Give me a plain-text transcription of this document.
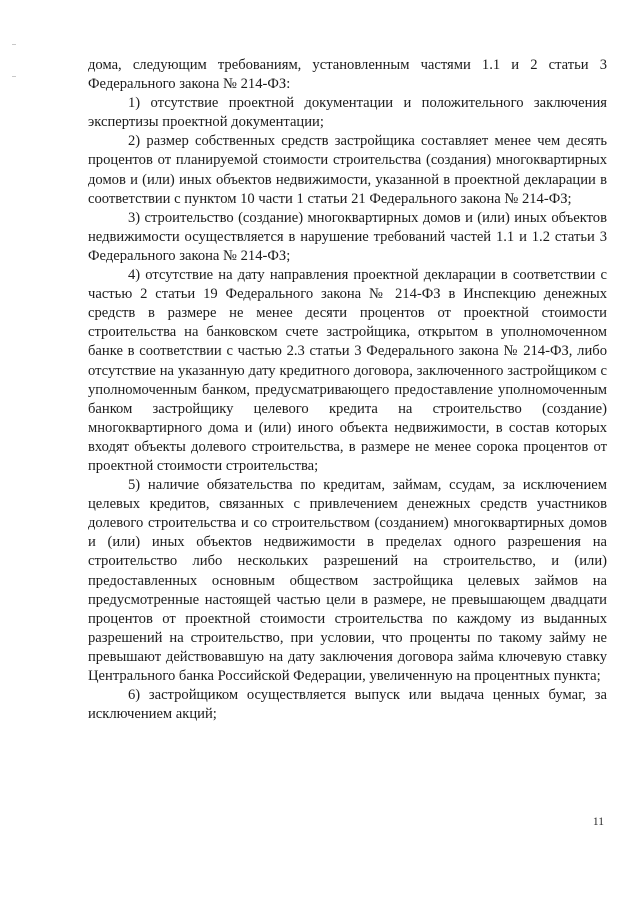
дома, следующим требованиям, установленным частями 1.1 и 2 статьи 3 Федерального закона № 214-ФЗ:

1) отсутствие проектной документации и положительного заключения экспертизы проектной документации;

2) размер собственных средств застройщика составляет менее чем десять процентов от планируемой стоимости строительства (создания) многоквартирных домов и (или) иных объектов недвижимости, указанной в проектной декларации в соответствии с пунктом 10 части 1 статьи 21 Федерального закона № 214-ФЗ;

3) строительство (создание) многоквартирных домов и (или) иных объектов недвижимости осуществляется в нарушение требований частей 1.1 и 1.2 статьи 3 Федерального закона № 214-ФЗ;

4) отсутствие на дату направления проектной декларации в соответствии с частью 2 статьи 19 Федерального закона № 214-ФЗ в Инспекцию денежных средств в размере не менее десяти процентов от проектной стоимости строительства на банковском счете застройщика, открытом в уполномоченном банке в соответствии с частью 2.3 статьи 3 Федерального закона № 214-ФЗ, либо отсутствие на указанную дату кредитного договора, заключенного застройщиком с уполномоченным банком, предусматривающего предоставление уполномоченным банком застройщику целевого кредита на строительство (создание) многоквартирного дома и (или) иного объекта недвижимости, в состав которых входят объекты долевого строительства, в размере не менее сорока процентов от проектной стоимости строительства;

5) наличие обязательства по кредитам, займам, ссудам, за исключением целевых кредитов, связанных с привлечением денежных средств участников долевого строительства и со строительством (созданием) многоквартирных домов и (или) иных объектов недвижимости в пределах одного разрешения на строительство либо нескольких разрешений на строительство, и (или) предоставленных основным обществом застройщика целевых займов на предусмотренные настоящей частью цели в размере, не превышающем двадцати процентов от проектной стоимости строительства по каждому из выданных разрешений на строительство, при условии, что проценты по такому займу не превышают действовавшую на дату заключения договора займа ключевую ставку Центрального банка Российской Федерации, увеличенную на процентных пункта;

6) застройщиком осуществляется выпуск или выдача ценных бумаг, за исключением акций;

11
